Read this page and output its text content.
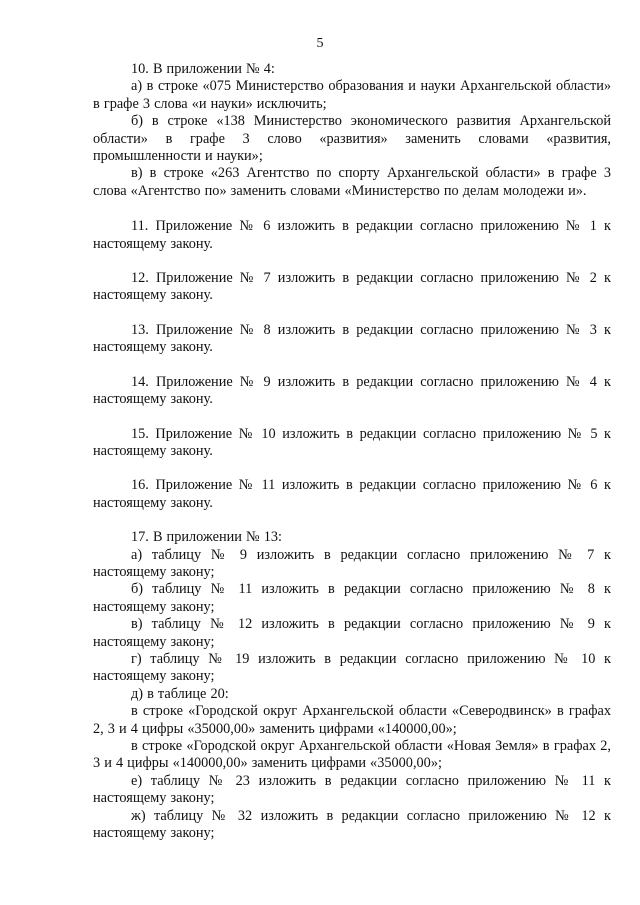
5

10. В приложении № 4:

а) в строке «075 Министерство образования и науки Архангельской области» в графе 3 слова «и науки» исключить;

б) в строке «138 Министерство экономического развития Архангельской области» в графе 3 слово «развития» заменить словами «развития, промышленности и науки»;

в) в строке «263 Агентство по спорту Архангельской области» в графе 3 слова «Агентство по» заменить словами «Министерство по делам молодежи и».

11. Приложение № 6 изложить в редакции согласно приложению № 1 к настоящему закону.

12. Приложение № 7 изложить в редакции согласно приложению № 2 к настоящему закону.

13. Приложение № 8 изложить в редакции согласно приложению № 3 к настоящему закону.

14. Приложение № 9 изложить в редакции согласно приложению № 4 к настоящему закону.

15. Приложение № 10 изложить в редакции согласно приложению № 5 к настоящему закону.

16. Приложение № 11 изложить в редакции согласно приложению № 6 к настоящему закону.

17. В приложении № 13:

а) таблицу № 9 изложить в редакции согласно приложению № 7 к настоящему закону;

б) таблицу № 11 изложить в редакции согласно приложению № 8 к настоящему закону;

в) таблицу № 12 изложить в редакции согласно приложению № 9 к настоящему закону;

г) таблицу № 19 изложить в редакции согласно приложению № 10 к настоящему закону;

д) в таблице 20:

в строке «Городской округ Архангельской области «Северодвинск» в графах 2, 3 и 4 цифры «35000,00» заменить цифрами «140000,00»;

в строке «Городской округ Архангельской области «Новая Земля» в графах 2, 3 и 4 цифры «140000,00» заменить цифрами «35000,00»;

е) таблицу № 23 изложить в редакции согласно приложению № 11 к настоящему закону;

ж) таблицу № 32 изложить в редакции согласно приложению № 12 к настоящему закону;
